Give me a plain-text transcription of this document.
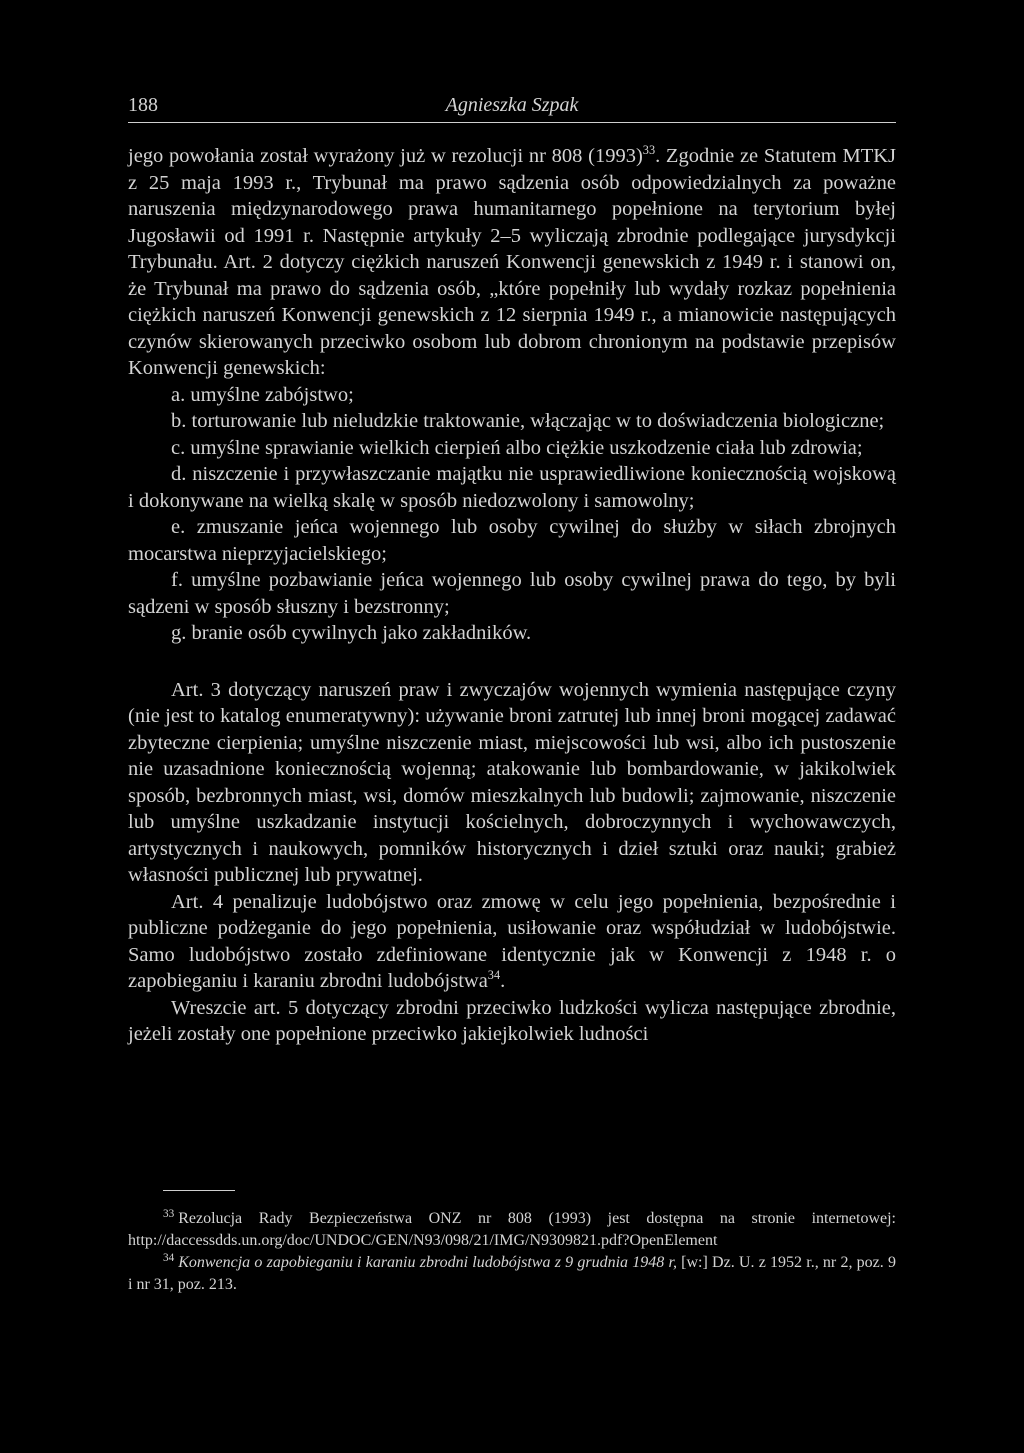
188	Agnieszka Szpak

jego powołania został wyrażony już w rezolucji nr 808 $(1993)^{33}$. Zgodnie ze Statutem MTKJ z 25 maja 1993 r., Trybunał ma prawo sądzenia osób odpowiedzialnych za poważne naruszenia międzynarodowego prawa humanitarnego popełnione na terytorium byłej Jugosławii od 1991 r. Następnie artykuły 2–5 wyliczają zbrodnie podlegające jurysdykcji Trybunału. Art. 2 dotyczy ciężkich naruszeń Konwencji genewskich z 1949 r. i stanowi on, że Trybunał ma prawo do sądzenia osób, „które popełniły lub wydały rozkaz popełnienia ciężkich naruszeń Konwencji genewskich z 12 sierpnia 1949 r., a mianowicie następujących czynów skierowanych przeciwko osobom lub dobrom chronionym na podstawie przepisów Konwencji genewskich:

a. umyślne zabójstwo;

b. torturowanie lub nieludzkie traktowanie, włączając w to doświadczenia biologiczne;

c. umyślne sprawianie wielkich cierpień albo ciężkie uszkodzenie ciała lub zdrowia;

d. niszczenie i przywłaszczanie majątku nie usprawiedliwione koniecznością wojskową i dokonywane na wielką skalę w sposób niedozwolony i samowolny;

e. zmuszanie jeńca wojennego lub osoby cywilnej do służby w siłach zbrojnych mocarstwa nieprzyjacielskiego;

f. umyślne pozbawianie jeńca wojennego lub osoby cywilnej prawa do tego, by byli sądzeni w sposób słuszny i bezstronny;

g. branie osób cywilnych jako zakładników.

Art. 3 dotyczący naruszeń praw i zwyczajów wojennych wymienia następujące czyny (nie jest to katalog enumeratywny): używanie broni zatrutej lub innej broni mogącej zadawać zbyteczne cierpienia; umyślne niszczenie miast, miejscowości lub wsi, albo ich pustoszenie nie uzasadnione koniecznością wojenną; atakowanie lub bombardowanie, w jakikolwiek sposób, bezbronnych miast, wsi, domów mieszkalnych lub budowli; zajmowanie, niszczenie lub umyślne uszkadzanie instytucji kościelnych, dobroczynnych i wychowawczych, artystycznych i naukowych, pomników historycznych i dzieł sztuki oraz nauki; grabież własności publicznej lub prywatnej.

Art. 4 penalizuje ludobójstwo oraz zmowę w celu jego popełnienia, bezpośrednie i publiczne podżeganie do jego popełnienia, usiłowanie oraz współudział w ludobójstwie. Samo ludobójstwo zostało zdefiniowane identycznie jak w Konwencji z 1948 r. o zapobieganiu i karaniu zbrodni ludobójstwa$^{34}$.

Wreszcie art. 5 dotyczący zbrodni przeciwko ludzkości wylicza następujące zbrodnie, jeżeli zostały one popełnione przeciwko jakiejkolwiek ludności

$^{33}$ Rezolucja Rady Bezpieczeństwa ONZ nr 808 (1993) jest dostępna na stronie internetowej: http://daccessdds.un.org/doc/UNDOC/GEN/N93/098/21/IMG/N9309821.pdf?OpenElement

$^{34}$ Konwencja o zapobieganiu i karaniu zbrodni ludobójstwa z 9 grudnia 1948 r, [w:] Dz. U. z 1952 r., nr 2, poz. 9 i nr 31, poz. 213.
